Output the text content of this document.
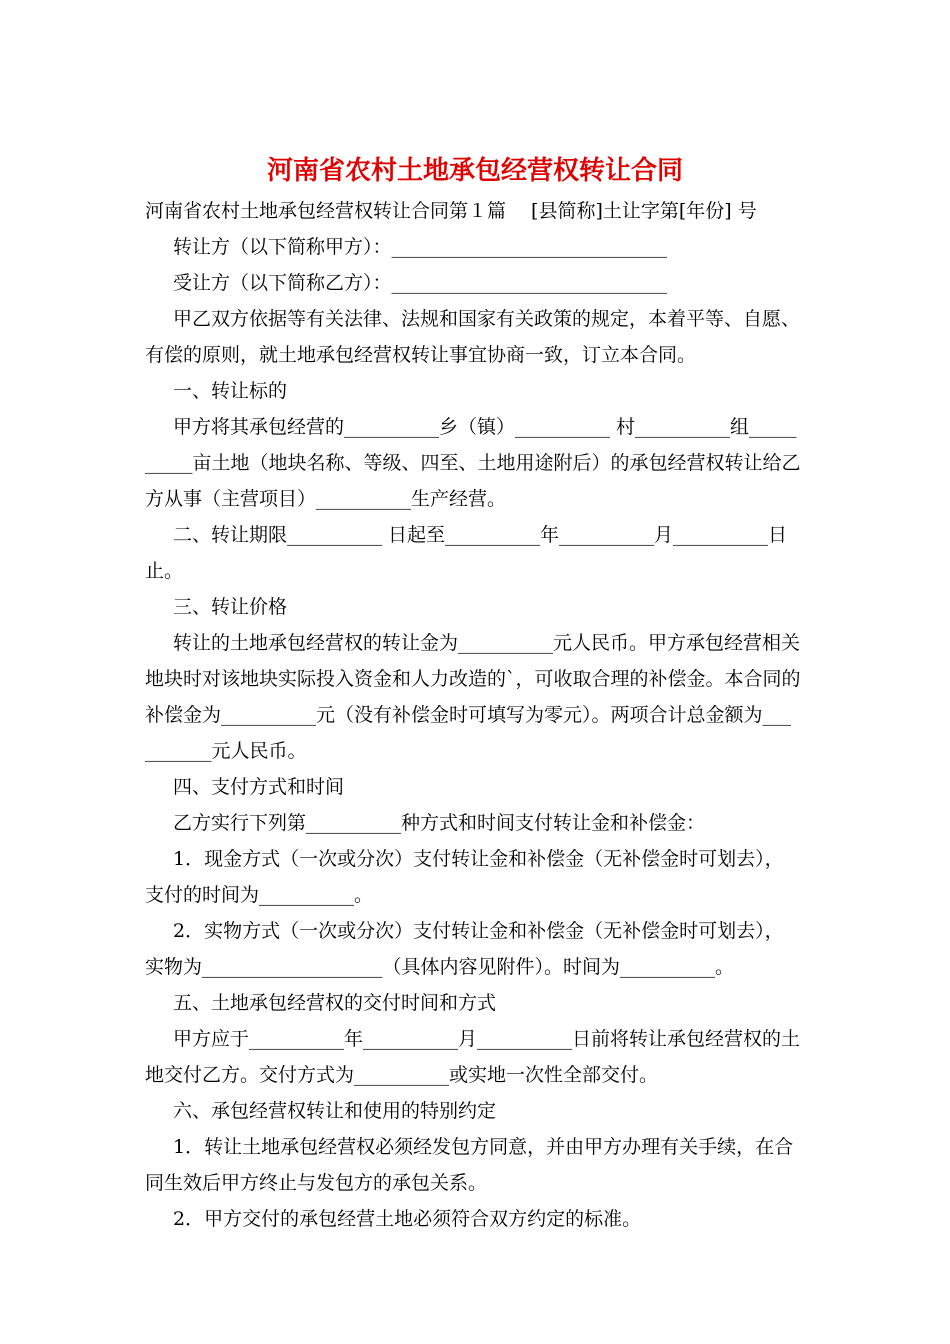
河南省农村土地承包经营权转让合同
河南省农村土地承包经营权转让合同第１篇　 [县简称]土让字第[年份] 号
转让方（以下简称甲方）：_____________________________
受让方（以下简称乙方）：_____________________________
甲乙双方依据等有关法律、法规和国家有关政策的规定，本着平等、自愿、
有偿的原则，就土地承包经营权转让事宜协商一致，订立本合同。
一、转让标的
甲方将其承包经营的__________乡（镇）__________ 村__________组_____
_____亩土地（地块名称、等级、四至、土地用途附后）的承包经营权转让给乙
方从事（主营项目）__________生产经营。
二、转让期限__________ 日起至__________年__________月__________日
止。
三、转让价格
转让的土地承包经营权的转让金为__________元人民币。甲方承包经营相关
地块时对该地块实际投入资金和人力改造的`，可收取合理的补偿金。本合同的
补偿金为__________元（没有补偿金时可填写为零元）。两项合计总金额为___
_______元人民币。
四、支付方式和时间
乙方实行下列第__________种方式和时间支付转让金和补偿金：
1．现金方式（一次或分次）支付转让金和补偿金（无补偿金时可划去），
支付的时间为__________。
2．实物方式（一次或分次）支付转让金和补偿金（无补偿金时可划去），
实物为___________________（具体内容见附件）。时间为__________。
五、土地承包经营权的交付时间和方式
甲方应于__________年__________月__________日前将转让承包经营权的土
地交付乙方。交付方式为__________或实地一次性全部交付。
六、承包经营权转让和使用的特别约定
1．转让土地承包经营权必须经发包方同意，并由甲方办理有关手续，在合
同生效后甲方终止与发包方的承包关系。
2．甲方交付的承包经营土地必须符合双方约定的标准。
